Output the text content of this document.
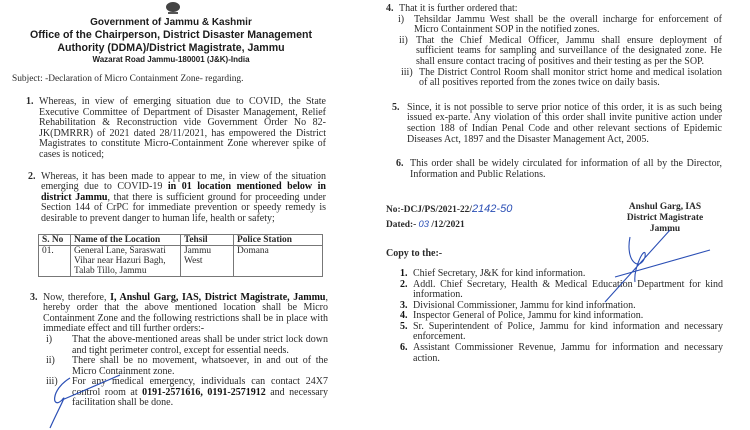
Government of Jammu & Kashmir
Office of the Chairperson, District Disaster Management
Authority (DDMA)/District Magistrate, Jammu
Wazarat Road Jammu-180001 (J&K)-India
Subject: -Declaration of Micro Containment Zone- regarding.
1. Whereas, in view of emerging situation due to COVID, the State Executive Committee of Department of Disaster Management, Relief Rehabilitation & Reconstruction vide Government Order No 82-JK(DMRRR) of 2021 dated 28/11/2021, has empowered the District Magistrates to constitute Micro-Containment Zone wherever spike of cases is noticed;
2. Whereas, it has been made to appear to me, in view of the situation emerging due to COVID-19 in 01 location mentioned below in district Jammu, that there is sufficient ground for proceeding under Section 144 of CrPC for immediate prevention or speedy remedy is desirable to prevent danger to human life, health or safety;
S. No	Name of the Location	Tehsil	Police Station
01.	General Lane, Saraswati Vihar near Hazuri Bagh, Talab Tillo, Jammu	Jammu West	Domana
3. Now, therefore, I, Anshul Garg, IAS, District Magistrate, Jammu, hereby order that the above mentioned location shall be Micro Containment Zone and the following restrictions shall be in place with immediate effect and till further orders:-
i) That the above-mentioned areas shall be under strict lock down and tight perimeter control, except for essential needs.
ii) There shall be no movement, whatsoever, in and out of the Micro Containment zone.
iii) For any medical emergency, individuals can contact 24X7 control room at 0191-2571616, 0191-2571912 and necessary facilitation shall be done.
4. That it is further ordered that:
i) Tehsildar Jammu West shall be the overall incharge for enforcement of Micro Containment SOP in the notified zones.
ii) That the Chief Medical Officer, Jammu shall ensure deployment of sufficient teams for sampling and surveillance of the designated zone. He shall ensure contact tracing of positives and their testing as per the SOP.
iii) The District Control Room shall monitor strict home and medical isolation of all positives reported from the zones twice on daily basis.
5. Since, it is not possible to serve prior notice of this order, it is as such being issued ex-parte. Any violation of this order shall invite punitive action under section 188 of Indian Penal Code and other relevant sections of Epidemic Diseases Act, 1897 and the Disaster Management Act, 2005.
6. This order shall be widely circulated for information of all by the Director, Information and Public Relations.
No:-DCJ/PS/2021-22/2142-50
Dated:- 03 /12/2021
Anshul Garg, IAS
District Magistrate
Jammu
Copy to the:-
1. Chief Secretary, J&K for kind information.
2. Addl. Chief Secretary, Health & Medical Education Department for kind information.
3. Divisional Commissioner, Jammu for kind information.
4. Inspector General of Police, Jammu for kind information.
5. Sr. Superintendent of Police, Jammu for kind information and necessary enforcement.
6. Assistant Commissioner Revenue, Jammu for information and necessary action.
